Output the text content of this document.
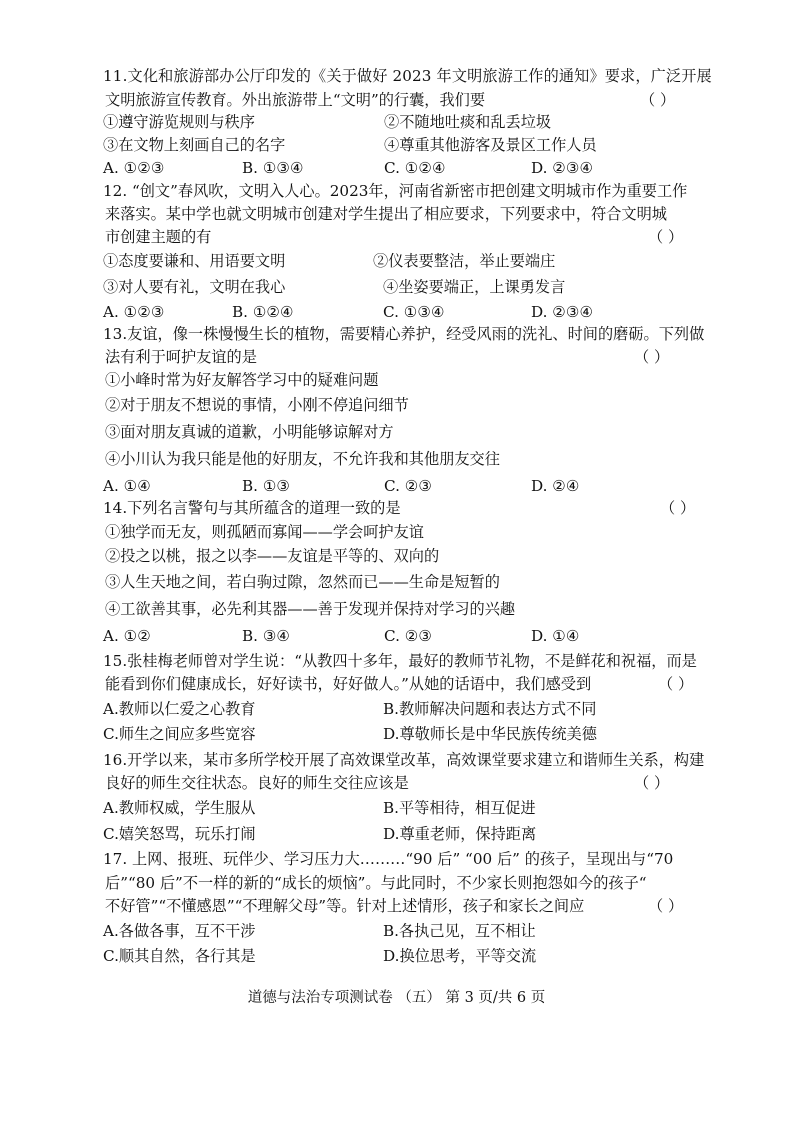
11.文化和旅游部办公厅印发的《关于做好 2023 年文明旅游工作的通知》要求，广泛开展
文明旅游宣传教育。外出旅游带上“文明”的行囊，我们要	（ ）
①遵守游览规则与秩序	②不随地吐痰和乱丢垃圾
③在文物上刻画自己的名字	④尊重其他游客及景区工作人员
A. ①②③	B. ①③④	C. ①②④	D. ②③④
12. “创文”春风吹，文明入人心。2023年，河南省新密市把创建文明城市作为重要工作
来落实。某中学也就文明城市创建对学生提出了相应要求，下列要求中，符合文明城
市创建主题的有	（ ）
①态度要谦和、用语要文明	②仪表要整洁，举止要端庄
③对人要有礼，文明在我心	④坐姿要端正，上课勇发言
A. ①②③	B. ①②④	C. ①③④	D. ②③④
13.友谊，像一株慢慢生长的植物，需要精心养护，经受风雨的洗礼、时间的磨砺。下列做
法有利于呵护友谊的是	（ ）
①小峰时常为好友解答学习中的疑难问题
②对于朋友不想说的事情，小刚不停追问细节
③面对朋友真诚的道歉，小明能够谅解对方
④小川认为我只能是他的好朋友，不允许我和其他朋友交往
A. ①④	B. ①③	C. ②③	D. ②④
14.下列名言警句与其所蕴含的道理一致的是	（ ）
①独学而无友，则孤陋而寡闻——学会呵护友谊
②投之以桃，报之以李——友谊是平等的、双向的
③人生天地之间，若白驹过隙，忽然而已——生命是短暂的
④工欲善其事，必先利其器——善于发现并保持对学习的兴趣
A. ①②	B. ③④	C. ②③	D. ①④
15.张桂梅老师曾对学生说：“从教四十多年，最好的教师节礼物，不是鲜花和祝福，而是
能看到你们健康成长，好好读书，好好做人。”从她的话语中，我们感受到	（ ）
A.教师以仁爱之心教育	B.教师解决问题和表达方式不同
C.师生之间应多些宽容	D.尊敬师长是中华民族传统美德
16.开学以来，某市多所学校开展了高效课堂改革，高效课堂要求建立和谐师生关系，构建
良好的师生交往状态。良好的师生交往应该是	（ ）
A.教师权威，学生服从	B.平等相待，相互促进
C.嬉笑怒骂，玩乐打闹	D.尊重老师，保持距离
17. 上网、报班、玩伴少、学习压力大………“90 后” “00 后” 的孩子，呈现出与“70
后”“80 后”不一样的新的“成长的烦恼”。与此同时，不少家长则抱怨如今的孩子“
不好管”“不懂感恩”“不理解父母”等。针对上述情形，孩子和家长之间应	（ ）
A.各做各事，互不干涉	B.各执己见，互不相让
C.顺其自然，各行其是	D.换位思考，平等交流
道德与法治专项测试卷 （五） 第 3 页/共 6 页
